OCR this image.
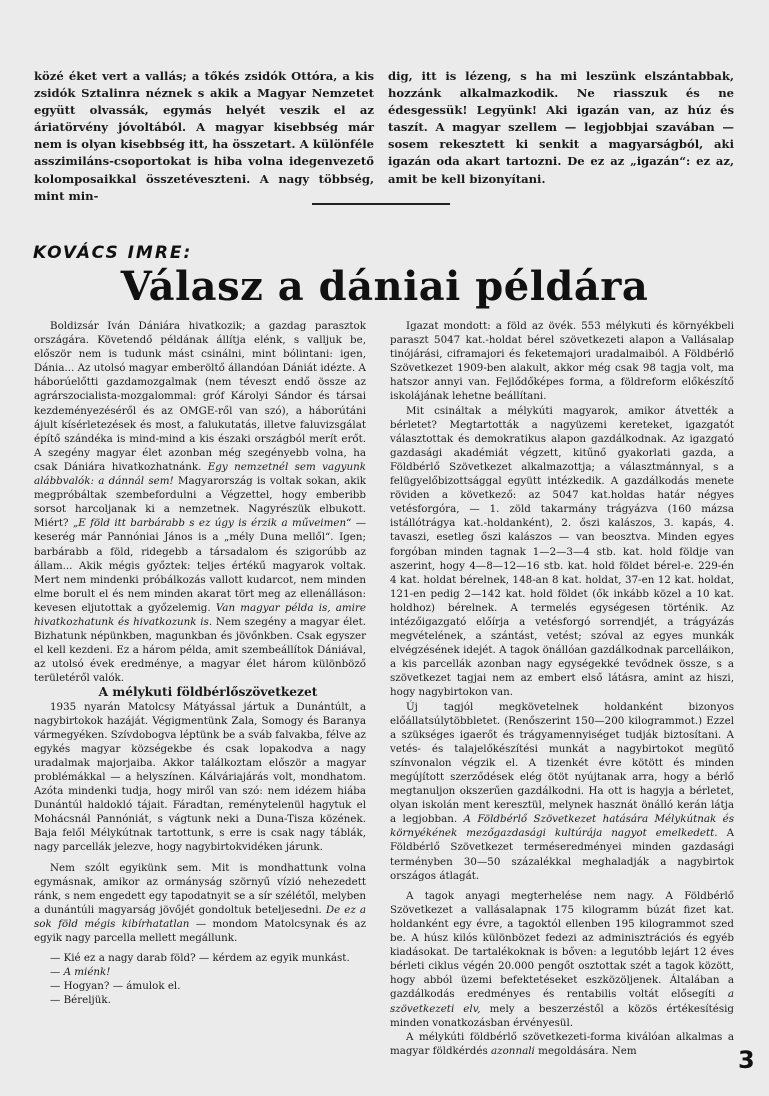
közé éket vert a vallás; a tőkés zsidók Ottóra, a kis zsidók Sztalinra néznek s akik a Magyar Nemzetet együtt olvassák, egymás helyét veszik el az áriatörvény jóvoltából. A magyar kisebbség már nem is olyan kisebbség itt, ha összetart. A különféle asszimiláns-csoportokat is hiba volna idegenvezető kolomposaikkal összetéveszteni. A nagy többség, mint min-

dig, itt is lézeng, s ha mi leszünk elszántabbak, hozzánk alkalmazkodik. Ne riasszuk és ne édesgessük! Legyünk! Aki igazán van, az húz és taszít. A magyar szellem — legjobbjai szavában — sosem rekesztett ki senkit a magyarságból, aki igazán oda akart tartozni. De ez az „igazán“: ez az, amit be kell bizonyítani.

KOVÁCS IMRE:
Válasz a dániai példára

Boldizsár Iván Dániára hivatkozik; a gazdag parasztok országára. Követendő példának állítja elénk, s valljuk be, először nem is tudunk mást csinálni, mint bólintani: igen, Dánia... Az utolsó magyar emberöltő állandóan Dániát idézte. A háborúelőtti gazdamozgalmak (nem téveszt endő össze az agrárszocialista-mozgalommal: gróf Károlyi Sándor és társai kezdeményezéséről és az OMGE-ről van szó), a háborútáni ájult kísérletezések és most, a falukutatás, illetve faluvizsgálat építő szándéka is mind-mind a kis északi országból merít erőt. A szegény magyar élet azonban még szegényebb volna, ha csak Dániára hivatkozhatnánk. Egy nemzetnél sem vagyunk alábbvalók: a dánnál sem! Magyarország is voltak sokan, akik megpróbáltak szembefordulni a Végzettel, hogy emberibb sorsot harcoljanak ki a nemzetnek. Nagyrészük elbukott. Miért? „E föld itt barbárabb s ez úgy is érzik a műveimen“ — keserég már Pannóniai János is a „mély Duna mellől“. Igen; barbárabb a föld, ridegebb a társadalom és szigorúbb az állam... Akik mégis győztek: teljes értékű magyarok voltak. Mert nem mindenki próbálkozás vallott kudarcot, nem minden elme borult el és nem minden akarat tört meg az ellenálláson: kevesen eljutottak a győzelemig. Van magyar példa is, amire hivatkozhatunk és hivatkozunk is. Nem szegény a magyar élet. Bizhatunk népünkben, magunkban és jövőnkben. Csak egyszer el kell kezdeni. Ez a három példa, amit szembeállítok Dániával, az utolsó évek eredménye, a magyar élet három különböző területéről valók.

A mélykuti földbérlőszövetkezet

1935 nyarán Matolcsy Mátyással jártuk a Dunántúlt, a nagybirtokok hazáját. Végigmentünk Zala, Somogy és Baranya vármegyéken. Szívdobogva léptünk be a sváb falvakba, félve az egykés magyar községekbe és csak lopakodva a nagy uradalmak majorjaiba. Akkor találkoztam először a magyar problémákkal — a helyszínen. Kálváriajárás volt, mondhatom. Azóta mindenki tudja, hogy miről van szó: nem idézem hiába Dunántúl haldokló tájait. Fáradtan, reménytelenül hagytuk el Mohácsnál Pannóniát, s vágtunk neki a Duna-Tisza közének. Baja felől Mélykútnak tartottunk, s erre is csak nagy táblák, nagy parcellák jelezve, hogy nagybirtokvidéken járunk.

Nem szólt egyikünk sem. Mit is mondhattunk volna egymásnak, amikor az ormányság szörnyű vízió nehezedett ránk, s nem engedett egy tapodatnyit se a sír szélétől, melyben a dunántúli magyarság jövőjét gondoltuk beteljesedni. De ez a sok föld mégis kibírhatatlan — mondom Matolcsynak és az egyik nagy parcella mellett megállunk.

— Kié ez a nagy darab föld? — kérdem az egyik munkást.

— A miénk!

— Hogyan? — ámulok el.

— Béreljük.

Igazat mondott: a föld az övék. 553 mélykuti és környékbeli paraszt 5047 kat.-holdat bérel szövetkezeti alapon a Vallásalap tinójárási, ciframajori és feketemajori uradalmaiból. A Földbérlő Szövetkezet 1909-ben alakult, akkor még csak 98 tagja volt, ma hatszor annyi van. Fejlődőképes forma, a földreform előkészítő iskolájának lehetne beállítani.

Mit csináltak a mélykúti magyarok, amikor átvették a bérletet? Megtartották a nagyüzemi kereteket, igazgatót választottak és demokratikus alapon gazdálkodnak. Az igazgató gazdasági akadémiát végzett, kitűnő gyakorlati gazda, a Földbérlő Szövetkezet alkalmazottja; a választmánnyal, s a felügyelőbizottsággal együtt intézkedik. A gazdálkodás menete röviden a következő: az 5047 kat.holdas határ négyes vetésforgóra, — 1. zöld takarmány trágyázva (160 mázsa istállótrágya kat.-holdanként), 2. őszi kalászos, 3. kapás, 4. tavaszi, esetleg őszi kalászos — van beosztva. Minden egyes forgóban minden tagnak 1—2—3—4 stb. kat. hold földje van aszerint, hogy 4—8—12—16 stb. kat. hold földet bérel-e. 229-én 4 kat. holdat bérelnek, 148-an 8 kat. holdat, 37-en 12 kat. holdat, 121-en pedig 2—142 kat. hold földet (ők inkább közel a 10 kat. holdhoz) bérelnek. A termelés egységesen történik. Az intézőigazgató előírja a vetésforgó sorrendjét, a trágyázás megvételének, a szántást, vetést; szóval az egyes munkák elvégzésének idejét. A tagok önállóan gazdálkodnak parcelláikon, a kis parcellák azonban nagy egységekké tevődnek össze, s a szövetkezet tagjai nem az embert első látásra, amint az hiszi, hogy nagybirtokon van.

Új tagjól megkövetelnek holdanként bizonyos előállatsúlytöbbletet. (Renőszerint 150—200 kilogrammot.) Ezzel a szükséges igaerőt és trágyamennyiséget tudják biztosítani. A vetés- és talajelőkészítési munkát a nagybirtokot megütő színvonalon végzik el. A tizenkét évre kötött és minden megújított szerződések elég ötöt nyújtanak arra, hogy a bérlő megtanuljon okszerűen gazdálkodni. Ha ott is hagyja a bérletet, olyan iskolán ment keresztül, melynek hasznát önálló kerán látja a legjobban. A Földbérlő Szövetkezet hatására Mélykútnak és környékének mezőgazdasági kultúrája nagyot emelkedett. A Földbérlő Szövetkezet terméseredményei minden gazdasági terményben 30—50 százalékkal meghaladják a nagybirtok országos átlagát.

A tagok anyagi megterhelése nem nagy. A Földbérlő Szövetkezet a vallásalapnak 175 kilogramm búzát fizet kat. holdanként egy évre, a tagoktól ellenben 195 kilogrammot szed be. A húsz kilós különbözet fedezi az adminisztrációs és egyéb kiadásokat. De tartalékoknak is bőven: a legutóbb lejárt 12 éves bérleti ciklus végén 20.000 pengőt osztottak szét a tagok között, hogy abból üzemi befektetéseket eszközöljenek. Általában a gazdálkodás eredményes és rentabilis voltát elősegíti a szövetkezeti elv, mely a beszerzéstől a közös értékesítésig minden vonatkozásban érvényesül.

A mélykúti földbérlő szövetkezeti-forma kiválóan alkalmas a magyar földkérdés azonnali megoldására. Nem	3
